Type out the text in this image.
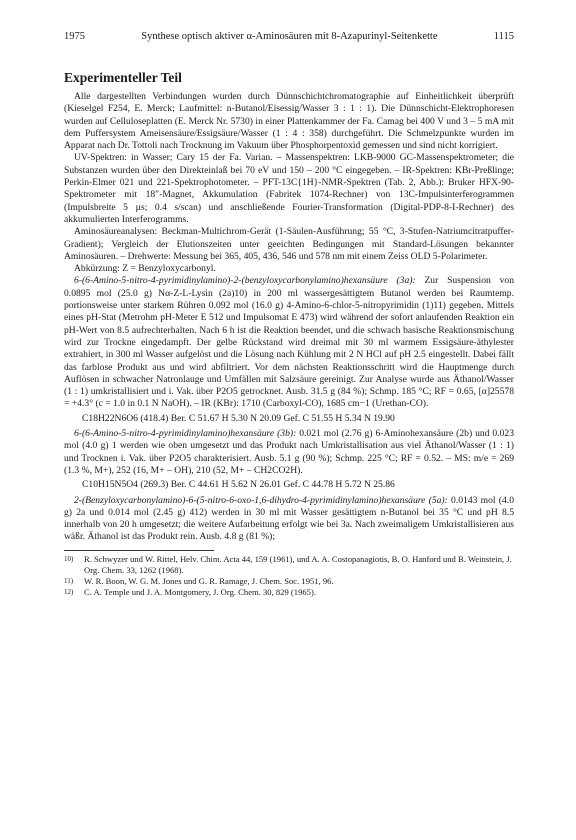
1975	Synthese optisch aktiver α-Aminosäuren mit 8-Azapurinyl-Seitenkette	1115
Experimenteller Teil

Alle dargestellten Verbindungen wurden durch Dünnschichtchromatographie auf Einheitlichkeit überprüft (Kieselgel F254, E. Merck; Laufmittel: n-Butanol/Eisessig/Wasser 3 : 1 : 1). Die Dünnschicht-Elektrophoresen wurden auf Celluloseplatten (E. Merck Nr. 5730) in einer Plattenkammer der Fa. Camag bei 400 V und 3 – 5 mA mit dem Puffersystem Ameisensäure/Essigsäure/Wasser (1 : 4 : 358) durchgeführt. Die Schmelzpunkte wurden im Apparat nach Dr. Tottoli nach Trocknung im Vakuum über Phosphorpentoxid gemessen und sind nicht korrigiert.

UV-Spektren: in Wasser; Cary 15 der Fa. Varian. – Massenspektren: LKB-9000 GC-Massenspektrometer; die Substanzen wurden über den Direkteinlaß bei 70 eV und 150 – 200 °C eingegeben. – IR-Spektren: KBr-Preßlinge; Perkin-Elmer 021 und 221-Spektrophotometer. – PFT-13C{1H}-NMR-Spektren (Tab. 2, Abb.): Bruker HFX-90-Spektrometer mit 18″-Magnet, Akkumulation (Fabritek 1074-Rechner) von 13C-Impulsinterferogrammen (Impulsbreite 5 µs; 0.4 s/scan) und anschließende Fourier-Transformation (Digital-PDP-8-I-Rechner) des akkumulierten Interferogramms.

Aminosäureanalysen: Beckman-Multichrom-Gerät (1-Säulen-Ausführung; 55 °C, 3-Stufen-Natriumcitratpuffer-Gradient); Vergleich der Elutionszeiten unter geeichten Bedingungen mit Standard-Lösungen bekannter Aminosäuren. – Drehwerte: Messung bei 365, 405, 436, 546 und 578 nm mit einem Zeiss OLD 5-Polarimeter.

Abkürzung: Z = Benzyloxycarbonyl.

6-(6-Amino-5-nitro-4-pyrimidinylamino)-2-(benzyloxycarbonylamino)hexansäure (3a): Zur Suspension von 0.0895 mol (25.0 g) Nα-Z-L-Lysin (2a)10) in 200 ml wassergesättigtem Butanol werden bei Raumtemp. portionsweise unter starkem Rühren 0.092 mol (16.0 g) 4-Amino-6-chlor-5-nitropyrimidin (1)11) gegeben. Mittels eines pH-Stat (Metrohm pH-Meter E 512 und Impulsomat E 473) wird während der sofort anlaufenden Reaktion ein pH-Wert von 8.5 aufrechterhalten. Nach 6 h ist die Reaktion beendet, und die schwach basische Reaktionsmischung wird zur Trockne eingedampft. Der gelbe Rückstand wird dreimal mit 30 ml warmem Essigsäure-äthylester extrahiert, in 300 ml Wasser aufgelöst und die Lösung nach Kühlung mit 2 N HCl auf pH 2.5 eingestellt. Dabei fällt das farblose Produkt aus und wird abfiltriert. Vor dem nächsten Reaktionsschritt wird die Hauptmenge durch Auflösen in schwacher Natronlauge und Umfällen mit Salzsäure gereinigt. Zur Analyse wurde aus Äthanol/Wasser (1 : 1) umkristallisiert und i. Vak. über P2O5 getrocknet. Ausb. 31.5 g (84 %); Schmp. 185 °C; RF = 0.65, [α]25578 = +4.3° (c = 1.0 in 0.1 N NaOH). – IR (KBr): 1710 (Carboxyl-CO), 1685 cm−1 (Urethan-CO).

C18H22N6O6 (418.4) Ber. C 51.67 H 5.30 N 20.09 Gef. C 51.55 H 5.34 N 19.90

6-(6-Amino-5-nitro-4-pyrimidinylamino)hexansäure (3b): 0.021 mol (2.76 g) 6-Aminohexansäure (2b) und 0.023 mol (4.0 g) 1 werden wie oben umgesetzt und das Produkt nach Umkristallisation aus viel Äthanol/Wasser (1 : 1) und Trocknen i. Vak. über P2O5 charakterisiert. Ausb. 5.1 g (90 %); Schmp. 225 °C; RF = 0.52. – MS: m/e = 269 (1.3 %, M+), 252 (16, M+ – OH), 210 (52, M+ – CH2CO2H).

C10H15N5O4 (269.3) Ber. C 44.61 H 5.62 N 26.01 Gef. C 44.78 H 5.72 N 25.86

2-(Benzyloxycarbonylamino)-6-(5-nitro-6-oxo-1,6-dihydro-4-pyrimidinylamino)hexansäure (5a): 0.0143 mol (4.0 g) 2a und 0.014 mol (2.45 g) 412) werden in 30 ml mit Wasser gesättigtem n-Butanol bei 35 °C und pH 8.5 innerhalb von 20 h umgesetzt; die weitere Aufarbeitung erfolgt wie bei 3a. Nach zweimaligem Umkristallisieren aus wäßr. Äthanol ist das Produkt rein. Ausb. 4.8 g (81 %);

10)	R. Schwyzer und W. Rittel, Helv. Chim. Acta 44, 159 (1961), und A. A. Costopanagiotis, B. O. Hanford und B. Weinstein, J. Org. Chem. 33, 1262 (1968).
11)	W. R. Boon, W. G. M. Jones und G. R. Ramage, J. Chem. Soc. 1951, 96.
12)	C. A. Temple und J. A. Montgomery, J. Org. Chem. 30, 829 (1965).
